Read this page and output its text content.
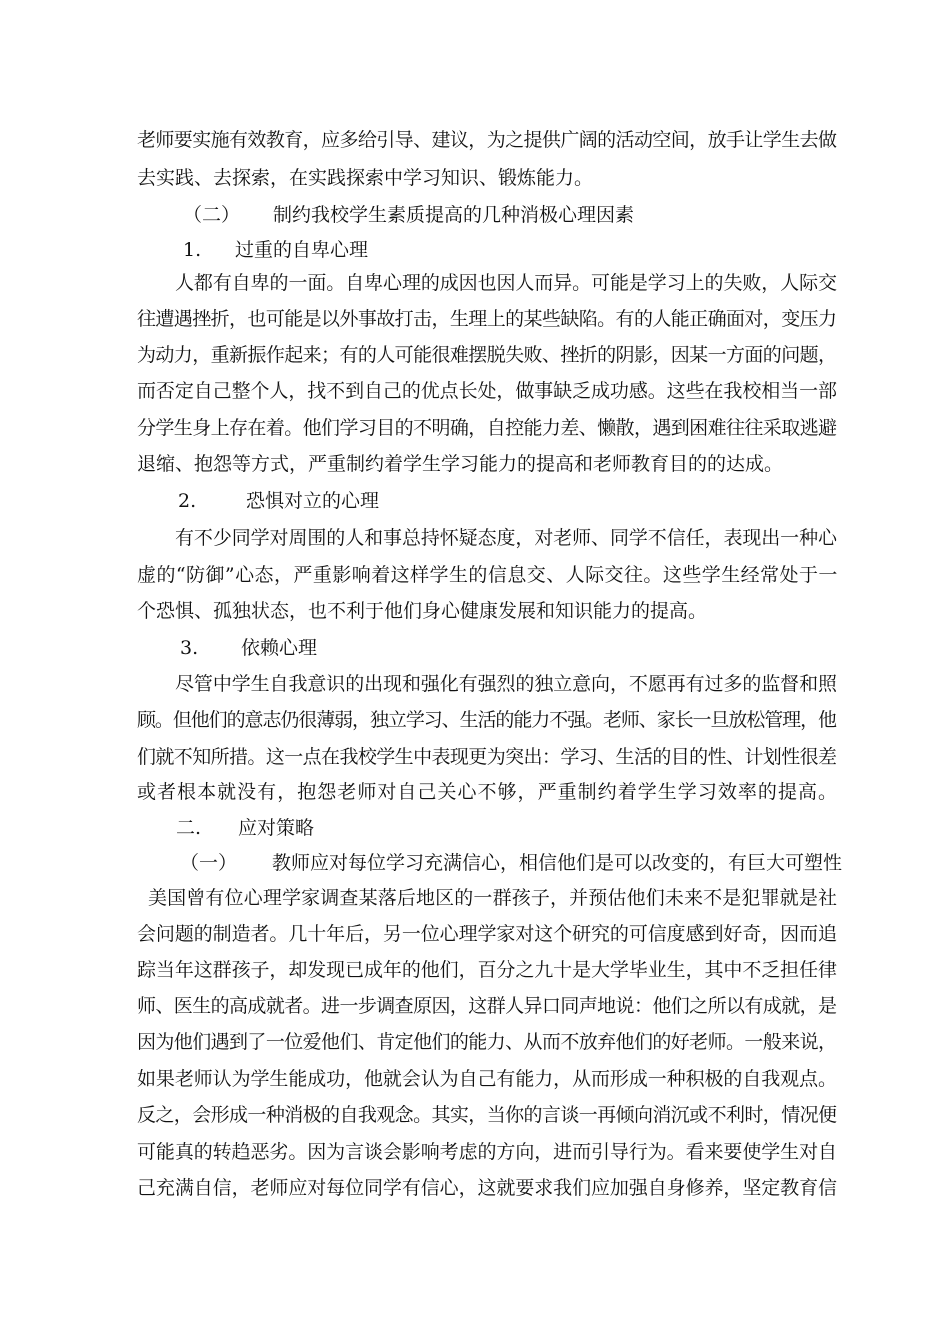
老师要实施有效教育，应多给引导、建议，为之提供广阔的活动空间，放手让学生去做
去实践、去探索，在实践探索中学习知识、锻炼能力。
（二） 制约我校学生素质提高的几种消极心理因素
1. 过重的自卑心理
人都有自卑的一面。自卑心理的成因也因人而异。可能是学习上的失败，人际交
往遭遇挫折，也可能是以外事故打击，生理上的某些缺陷。有的人能正确面对，变压力
为动力，重新振作起来；有的人可能很难摆脱失败、挫折的阴影，因某一方面的问题，
而否定自己整个人，找不到自己的优点长处，做事缺乏成功感。这些在我校相当一部
分学生身上存在着。他们学习目的不明确，自控能力差、懒散，遇到困难往往采取逃避
退缩、抱怨等方式，严重制约着学生学习能力的提高和老师教育目的的达成。
2.	恐惧对立的心理
有不少同学对周围的人和事总持怀疑态度，对老师、同学不信任，表现出一种心
虚的“防御”心态，严重影响着这样学生的信息交、人际交往。这些学生经常处于一
个恐惧、孤独状态，也不利于他们身心健康发展和知识能力的提高。
3. 依赖心理
尽管中学生自我意识的出现和强化有强烈的独立意向，不愿再有过多的监督和照
顾。但他们的意志仍很薄弱，独立学习、生活的能力不强。老师、家长一旦放松管理，他
们就不知所措。这一点在我校学生中表现更为突出：学习、生活的目的性、计划性很差
或者根本就没有，抱怨老师对自己关心不够，严重制约着学生学习效率的提高。
二. 应对策略
（一） 教师应对每位学习充满信心，相信他们是可以改变的，有巨大可塑性
美国曾有位心理学家调查某落后地区的一群孩子，并预估他们未来不是犯罪就是社
会问题的制造者。几十年后，另一位心理学家对这个研究的可信度感到好奇，因而追
踪当年这群孩子，却发现已成年的他们，百分之九十是大学毕业生，其中不乏担任律
师、医生的高成就者。进一步调查原因，这群人异口同声地说：他们之所以有成就，是
因为他们遇到了一位爱他们、肯定他们的能力、从而不放弃他们的好老师。一般来说，
如果老师认为学生能成功，他就会认为自己有能力，从而形成一种积极的自我观点。
反之，会形成一种消极的自我观念。其实，当你的言谈一再倾向消沉或不利时，情况便
可能真的转趋恶劣。因为言谈会影响考虑的方向，进而引导行为。看来要使学生对自
己充满自信，老师应对每位同学有信心，这就要求我们应加强自身修养，坚定教育信
